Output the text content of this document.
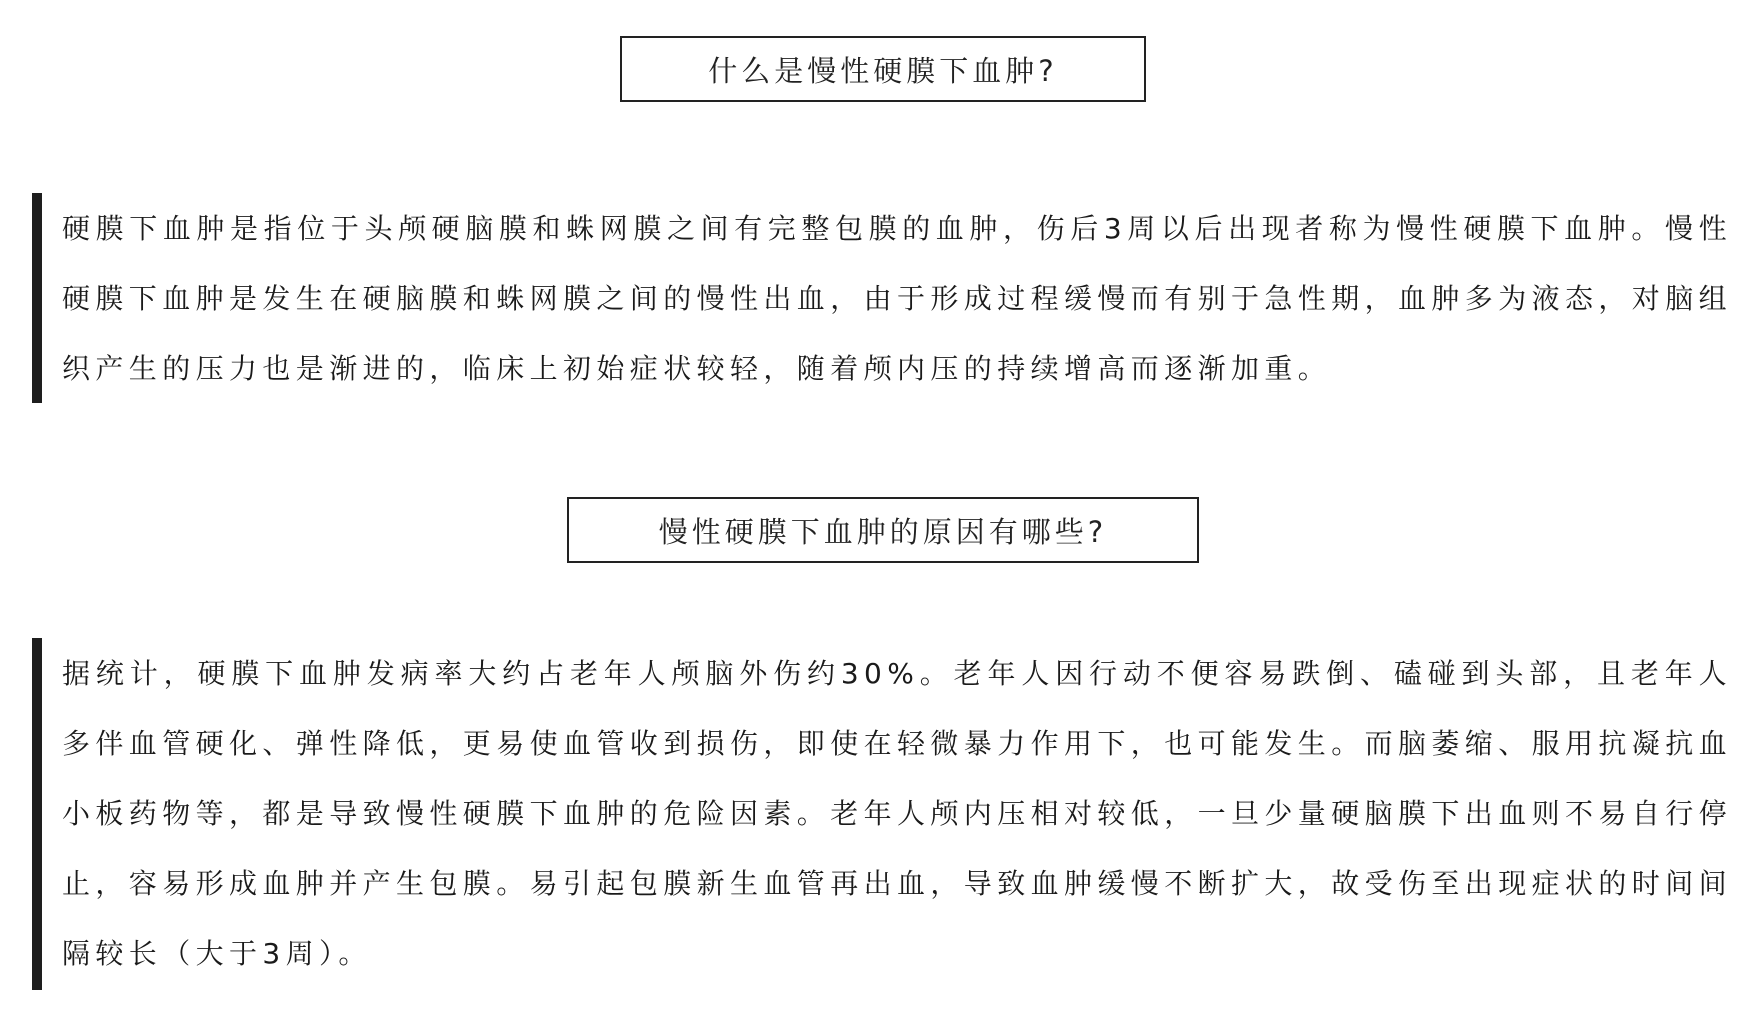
什么是慢性硬膜下血肿?

硬膜下血肿是指位于头颅硬脑膜和蛛网膜之间有完整包膜的血肿，伤后3周以后出现者称为慢性硬膜下血肿。慢性硬膜下血肿是发生在硬脑膜和蛛网膜之间的慢性出血，由于形成过程缓慢而有别于急性期，血肿多为液态，对脑组织产生的压力也是渐进的，临床上初始症状较轻，随着颅内压的持续增高而逐渐加重。

慢性硬膜下血肿的原因有哪些?

据统计，硬膜下血肿发病率大约占老年人颅脑外伤约30%。老年人因行动不便容易跌倒、磕碰到头部，且老年人多伴血管硬化、弹性降低，更易使血管收到损伤，即使在轻微暴力作用下，也可能发生。而脑萎缩、服用抗凝抗血小板药物等，都是导致慢性硬膜下血肿的危险因素。老年人颅内压相对较低，一旦少量硬脑膜下出血则不易自行停止，容易形成血肿并产生包膜。易引起包膜新生血管再出血，导致血肿缓慢不断扩大，故受伤至出现症状的时间间隔较长（大于3周）。
